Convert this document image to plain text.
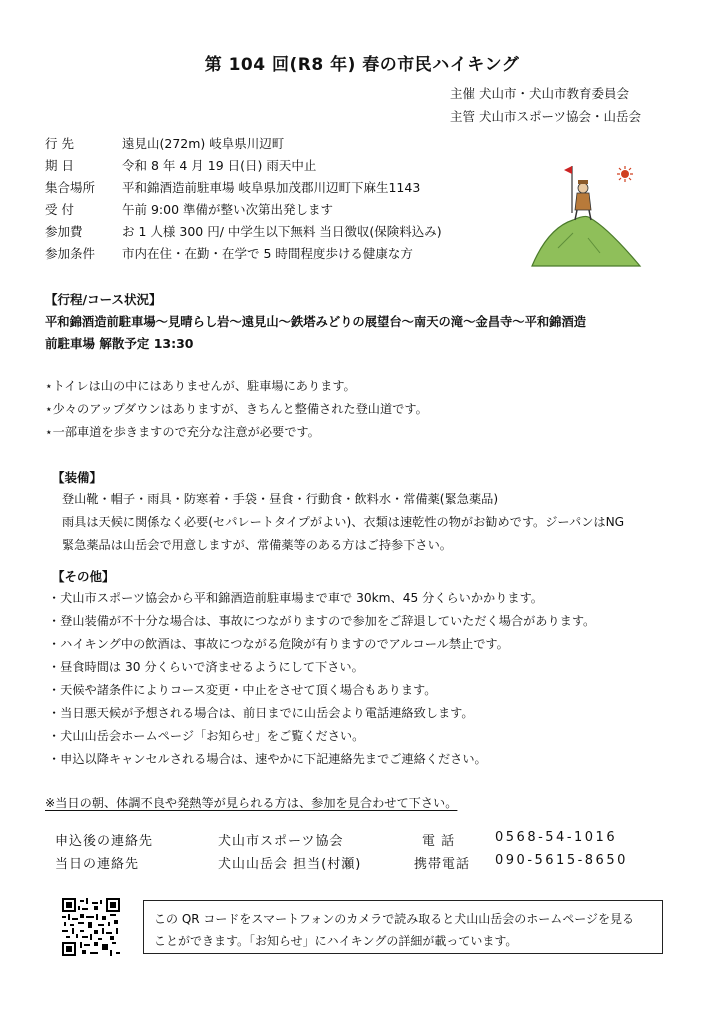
第 104 回(R8 年) 春の市民ハイキング
主催 犬山市・犬山市教育委員会
主管 犬山市スポーツ協会・山岳会
行 先	遠見山(272m) 岐阜県川辺町
期 日	令和 8 年 4 月 19 日(日) 雨天中止
集合場所	平和錦酒造前駐車場 岐阜県加茂郡川辺町下麻生1143
受 付	午前 9:00 準備が整い次第出発します
参加費	お 1 人様 300 円/ 中学生以下無料 当日徴収(保険料込み)
参加条件	市内在住・在勤・在学で 5 時間程度歩ける健康な方
【行程/コース状況】
平和錦酒造前駐車場～見晴らし岩～遠見山～鉄塔みどりの展望台～南天の滝～金昌寺～平和錦酒造
前駐車場 解散予定 13:30
⋆トイレは山の中にはありませんが、駐車場にあります。
⋆少々のアップダウンはありますが、きちんと整備された登山道です。
⋆一部車道を歩きますので充分な注意が必要です。
【装備】
登山靴・帽子・雨具・防寒着・手袋・昼食・行動食・飲料水・常備薬(緊急薬品)
雨具は天候に関係なく必要(セパレートタイプがよい)、衣類は速乾性の物がお勧めです。ジーパンはNG
緊急薬品は山岳会で用意しますが、常備薬等のある方はご持参下さい。
【その他】
・犬山市スポーツ協会から平和錦酒造前駐車場まで車で 30km、45 分くらいかかります。
・登山装備が不十分な場合は、事故につながりますので参加をご辞退していただく場合があります。
・ハイキング中の飲酒は、事故につながる危険が有りますのでアルコール禁止です。
・昼食時間は 30 分くらいで済ませるようにして下さい。
・天候や諸条件によりコース変更・中止をさせて頂く場合もあります。
・当日悪天候が予想される場合は、前日までに山岳会より電話連絡致します。
・犬山山岳会ホームページ「お知らせ」をご覧ください。
・申込以降キャンセルされる場合は、速やかに下記連絡先までご連絡ください。
※当日の朝、体調不良や発熱等が見られる方は、参加を見合わせて下さい。
申込後の連絡先	犬山市スポーツ協会	電 話	0568-54-1016
当日の連絡先	犬山山岳会 担当(村瀬)	携帯電話 090-5615-8650
この QR コードをスマートフォンのカメラで読み取ると犬山山岳会のホームページを見る
ことができます。「お知らせ」にハイキングの詳細が載っています。
